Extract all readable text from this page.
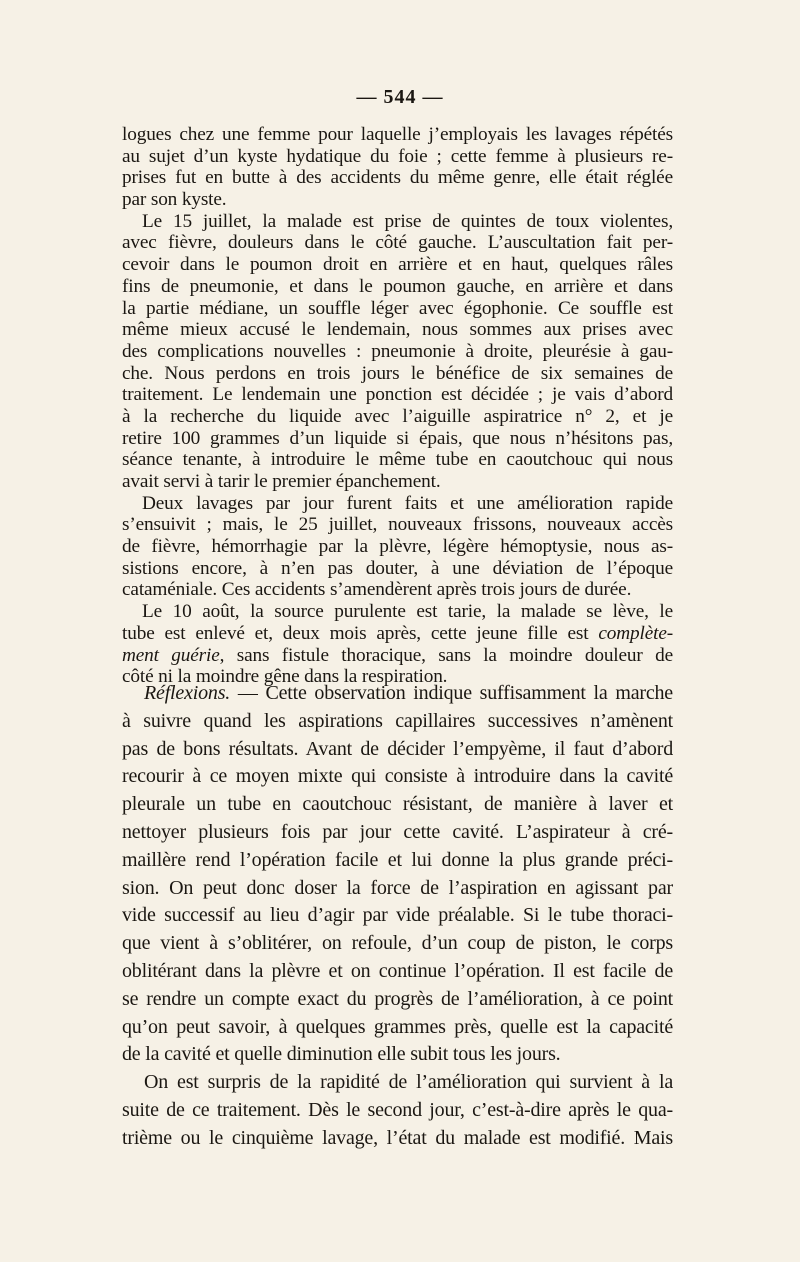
— 544 —
logues chez une femme pour laquelle j’employais les lavages répétés
au sujet d’un kyste hydatique du foie ; cette femme à plusieurs re-
prises fut en butte à des accidents du même genre, elle était réglée
par son kyste.
Le 15 juillet, la malade est prise de quintes de toux violentes,
avec fièvre, douleurs dans le côté gauche. L’auscultation fait per-
cevoir dans le poumon droit en arrière et en haut, quelques râles
fins de pneumonie, et dans le poumon gauche, en arrière et dans
la partie médiane, un souffle léger avec égophonie. Ce souffle est
même mieux accusé le lendemain, nous sommes aux prises avec
des complications nouvelles : pneumonie à droite, pleurésie à gau-
che. Nous perdons en trois jours le bénéfice de six semaines de
traitement. Le lendemain une ponction est décidée ; je vais d’abord
à la recherche du liquide avec l’aiguille aspiratrice n° 2, et je
retire 100 grammes d’un liquide si épais, que nous n’hésitons pas,
séance tenante, à introduire le même tube en caoutchouc qui nous
avait servi à tarir le premier épanchement.
Deux lavages par jour furent faits et une amélioration rapide
s’ensuivit ; mais, le 25 juillet, nouveaux frissons, nouveaux accès
de fièvre, hémorrhagie par la plèvre, légère hémoptysie, nous as-
sistions encore, à n’en pas douter, à une déviation de l’époque
cataméniale. Ces accidents s’amendèrent après trois jours de durée.
Le 10 août, la source purulente est tarie, la malade se lève, le
tube est enlevé et, deux mois après, cette jeune fille est complète-
ment guérie, sans fistule thoracique, sans la moindre douleur de
côté ni la moindre gêne dans la respiration.
Réflexions. — Cette observation indique suffisamment la marche
à suivre quand les aspirations capillaires successives n’amènent
pas de bons résultats. Avant de décider l’empyème, il faut d’abord
recourir à ce moyen mixte qui consiste à introduire dans la cavité
pleurale un tube en caoutchouc résistant, de manière à laver et
nettoyer plusieurs fois par jour cette cavité. L’aspirateur à cré-
maillère rend l’opération facile et lui donne la plus grande préci-
sion. On peut donc doser la force de l’aspiration en agissant par
vide successif au lieu d’agir par vide préalable. Si le tube thoraci-
que vient à s’oblitérer, on refoule, d’un coup de piston, le corps
oblitérant dans la plèvre et on continue l’opération. Il est facile de
se rendre un compte exact du progrès de l’amélioration, à ce point
qu’on peut savoir, à quelques grammes près, quelle est la capacité
de la cavité et quelle diminution elle subit tous les jours.
On est surpris de la rapidité de l’amélioration qui survient à la
suite de ce traitement. Dès le second jour, c’est-à-dire après le qua-
trième ou le cinquième lavage, l’état du malade est modifié. Mais
